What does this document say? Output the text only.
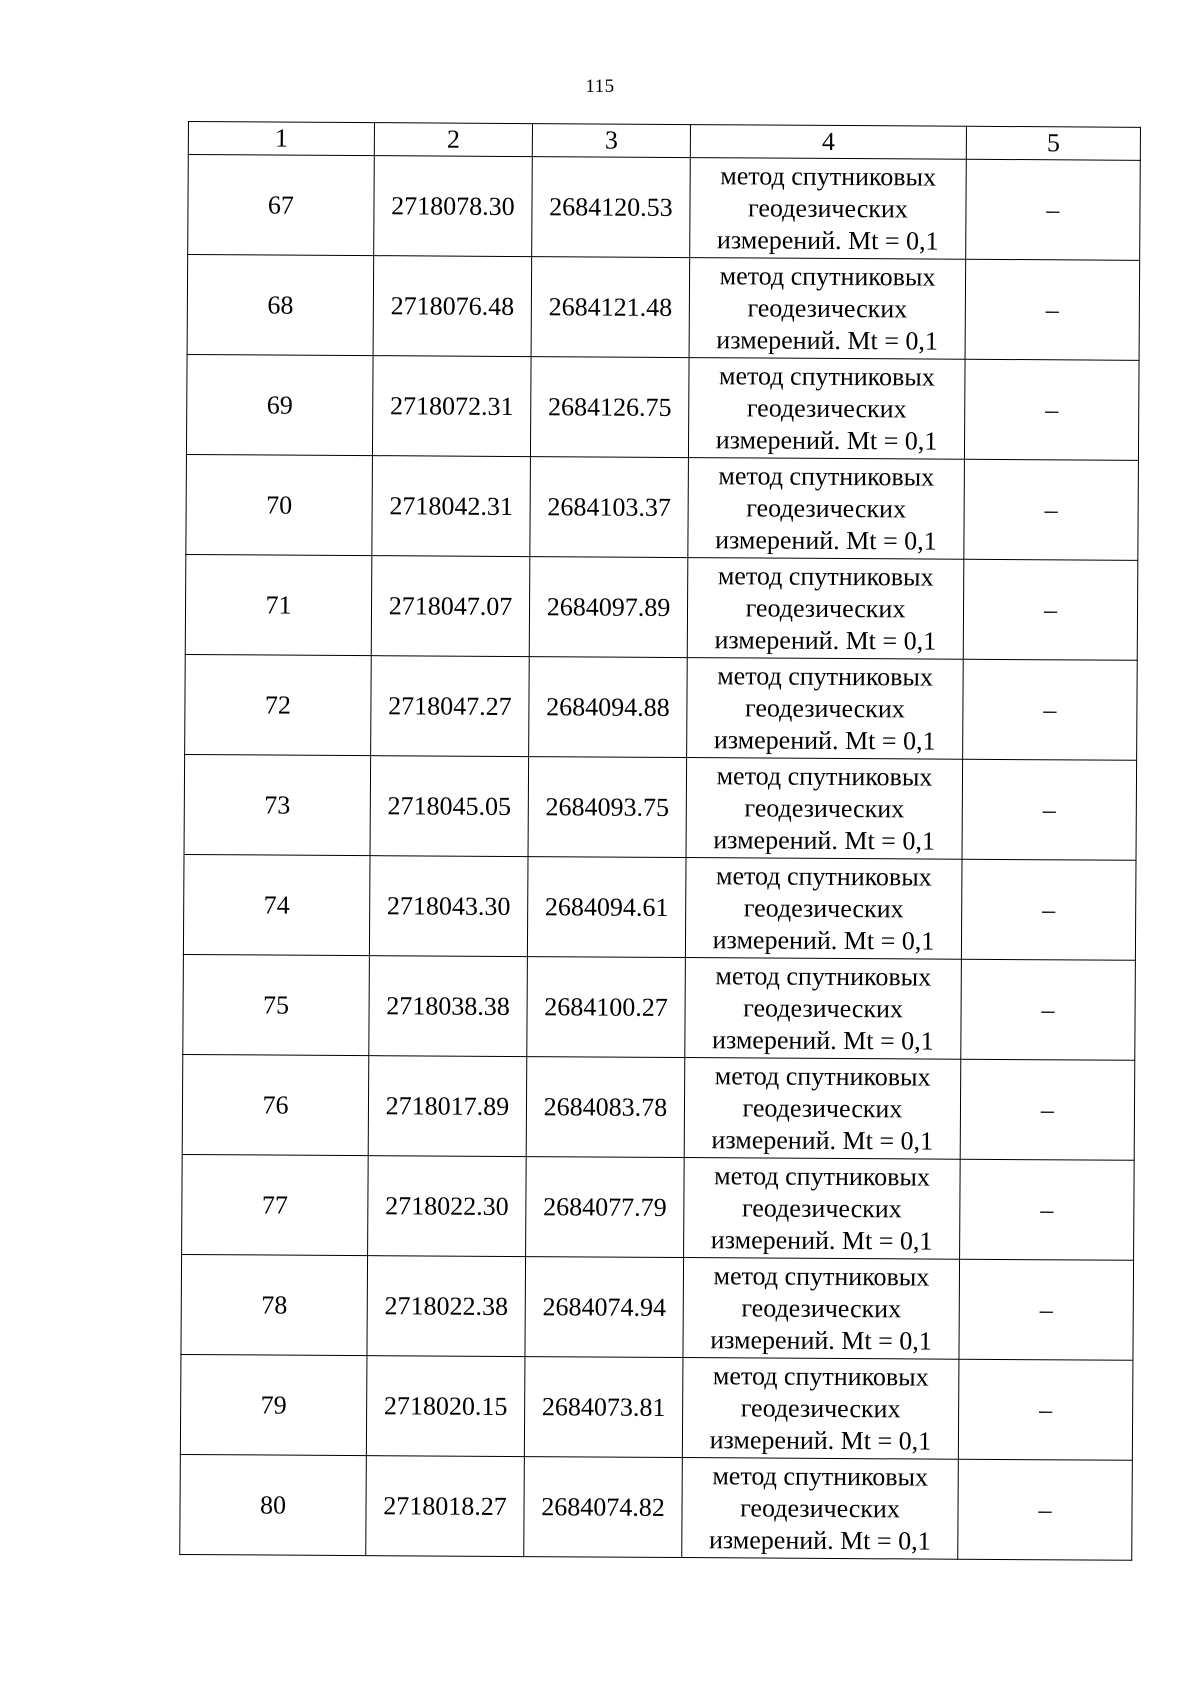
115
1	2	3	4	5
67	2718078.30	2684120.53	метод спутниковых
геодезических
измерений. Mt = 0,1	–
68	2718076.48	2684121.48	метод спутниковых
геодезических
измерений. Mt = 0,1	–
69	2718072.31	2684126.75	метод спутниковых
геодезических
измерений. Mt = 0,1	–
70	2718042.31	2684103.37	метод спутниковых
геодезических
измерений. Mt = 0,1	–
71	2718047.07	2684097.89	метод спутниковых
геодезических
измерений. Mt = 0,1	–
72	2718047.27	2684094.88	метод спутниковых
геодезических
измерений. Mt = 0,1	–
73	2718045.05	2684093.75	метод спутниковых
геодезических
измерений. Mt = 0,1	–
74	2718043.30	2684094.61	метод спутниковых
геодезических
измерений. Mt = 0,1	–
75	2718038.38	2684100.27	метод спутниковых
геодезических
измерений. Mt = 0,1	–
76	2718017.89	2684083.78	метод спутниковых
геодезических
измерений. Mt = 0,1	–
77	2718022.30	2684077.79	метод спутниковых
геодезических
измерений. Mt = 0,1	–
78	2718022.38	2684074.94	метод спутниковых
геодезических
измерений. Mt = 0,1	–
79	2718020.15	2684073.81	метод спутниковых
геодезических
измерений. Mt = 0,1	–
80	2718018.27	2684074.82	метод спутниковых
геодезических
измерений. Mt = 0,1	–
